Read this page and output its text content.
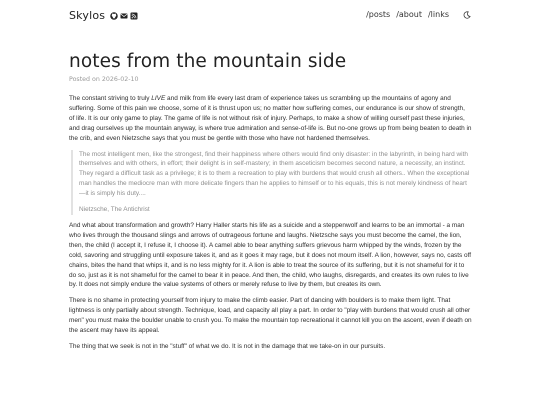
Skylos	/posts /about /links
notes from the mountain side
Posted on 2026-02-10

The constant striving to truly LIVE and milk from life every last dram of experience takes us scrambling up the mountains of agony and suffering. Some of this pain we choose, some of it is thrust upon us; no matter how suffering comes, our endurance is our show of strength, of life. It is our only game to play. The game of life is not without risk of injury. Perhaps, to make a show of willing ourself past these injuries, and drag ourselves up the mountain anyway, is where true admiration and sense-of-life is. But no-one grows up from being beaten to death in the crib, and even Nietzsche says that you must be gentle with those who have not hardened themselves.

The most intelligent men, like the strongest, find their happiness where others would find only disaster: in the labyrinth, in being hard with themselves and with others, in effort; their delight is in self-mastery; in them asceticism becomes second nature, a necessity, an instinct. They regard a difficult task as a privilege; it is to them a recreation to play with burdens that would crush all others.. When the exceptional man handles the mediocre man with more delicate fingers than he applies to himself or to his equals, this is not merely kindness of heart—it is simply his duty....

Nietzsche, The Antichrist

And what about transformation and growth? Harry Haller starts his life as a suicide and a steppenwolf and learns to be an immortal - a man who lives through the thousand slings and arrows of outrageous fortune and laughs. Nietzsche says you must become the camel, the lion, then, the child (I accept it, I refuse it, I choose it). A camel able to bear anything suffers grievous harm whipped by the winds, frozen by the cold, savoring and struggling until exposure takes it, and as it goes it may rage, but it does not mourn itself. A lion, however, says no, casts off chains, bites the hand that whips it, and is no less mighty for it. A lion is able to treat the source of its suffering, but it is not shameful for it to do so, just as it is not shameful for the camel to bear it in peace. And then, the child, who laughs, disregards, and creates its own rules to live by. It does not simply endure the value systems of others or merely refuse to live by them, but creates its own.

There is no shame in protecting yourself from injury to make the climb easier. Part of dancing with boulders is to make them light. That lightness is only partially about strength. Technique, load, and capacity all play a part. In order to "play with burdens that would crush all other men" you must make the boulder unable to crush you. To make the mountain top recreational it cannot kill you on the ascent, even if death on the ascent may have its appeal.

The thing that we seek is not in the "stuff" of what we do. It is not in the damage that we take-on in our pursuits.
